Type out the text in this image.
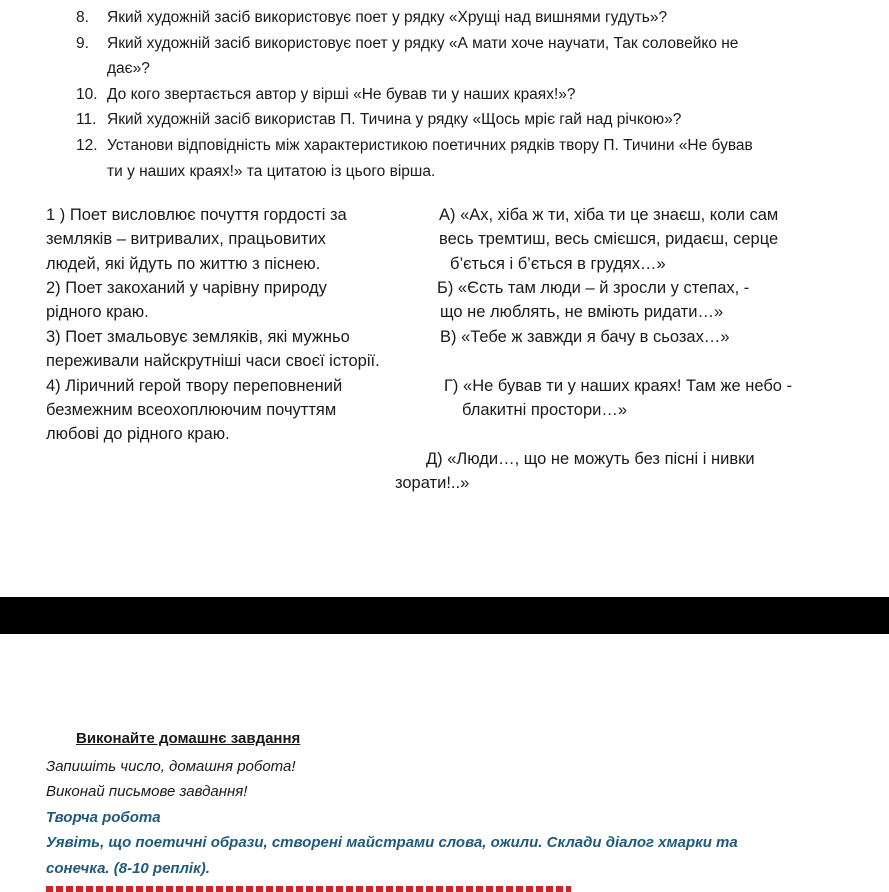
8. Який художній засіб використовує поет у рядку «Хрущі над вишнями гудуть»?
9. Який художній засіб використовує поет у рядку «А мати хоче научати, Так соловейко не
дає»?
10. До кого звертається автор у вірші «Не бував ти у наших краях!»?
11. Який художній засіб використав П. Тичина у рядку «Щось мріє гай над річкою»?
12. Установи відповідність між характеристикою поетичних рядків твору П. Тичини «Не бував
ти у наших краях!» та цитатою із цього вірша.
1 ) Поет висловлює почуття гордості за
земляків – витривалих, працьовитих
людей, які йдуть по життю з піснею.
2) Поет закоханий у чарівну природу
рідного краю.
3) Поет змальовує земляків, які мужньо
переживали найскрутніші часи своєї історії.
4) Ліричний герой твору переповнений
безмежним всеохоплюючим почуттям
любові до рідного краю.
А) «Ах, хіба ж ти, хіба ти це знаєш, коли сам
весь тремтиш, весь смієшся, ридаєш, серце
б’ється і б’ється в грудях…»
Б) «Єсть там люди – й зросли у степах, -
що не люблять, не вміють ридати…»
В) «Тебе ж завжди я бачу в сьозах…»
Г) «Не бував ти у наших краях! Там же небо -
блакитні простори…»
Д) «Люди…, що не можуть без пісні і нивки
зорати!..»
Виконайте домашнє завдання
Запишіть число, домашня робота!
Виконай письмове завдання!
Творча робота
Уявіть, що поетичні образи, створені майстрами слова, ожили. Склади діалог хмарки та
сонечка. (8-10 реплік).
